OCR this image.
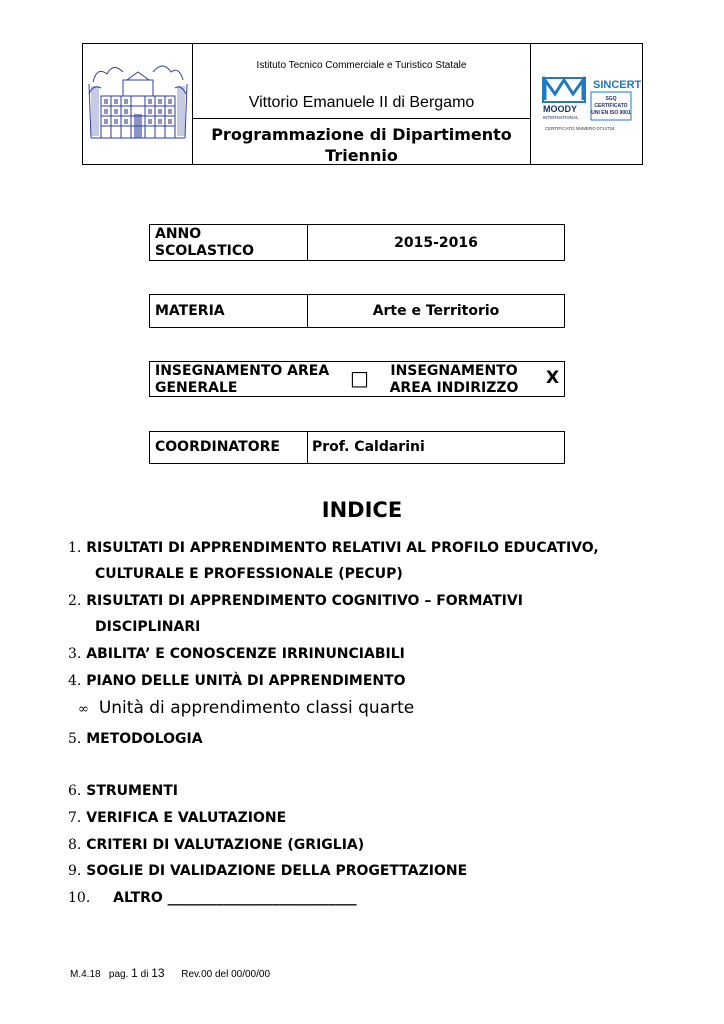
Istituto Tecnico Commerciale e Turistico Statale
Vittorio Emanuele II di Bergamo
Programmazione di Dipartimento
Triennio
MOODY
INTERNATIONAL
SINCERT
SGQ
CERTIFICATO
UNI EN ISO 9001
CERTIFICATO NUMERO 0714734
ANNO
SCOLASTICO	2015-2016
MATERIA	Arte e Territorio
INSEGNAMENTO AREA
GENERALE	□	INSEGNAMENTO
AREA INDIRIZZO	X
COORDINATORE Prof. Caldarini
INDICE
1. RISULTATI DI APPRENDIMENTO RELATIVI AL PROFILO EDUCATIVO,
CULTURALE E PROFESSIONALE (PECUP)
2. RISULTATI DI APPRENDIMENTO COGNITIVO – FORMATIVI
DISCIPLINARI
3. ABILITA’ E CONOSCENZE IRRINUNCIABILI
4. PIANO DELLE UNITÀ DI APPRENDIMENTO
∞ Unità di apprendimento classi quarte
5. METODOLOGIA
6. STRUMENTI
7. VERIFICA E VALUTAZIONE
8. CRITERI DI VALUTAZIONE (GRIGLIA)
9. SOGLIE DI VALIDAZIONE DELLA PROGETTAZIONE
10. ALTRO ___________________________
M.4.18 pag. 1 di 13 Rev.00 del 00/00/00
